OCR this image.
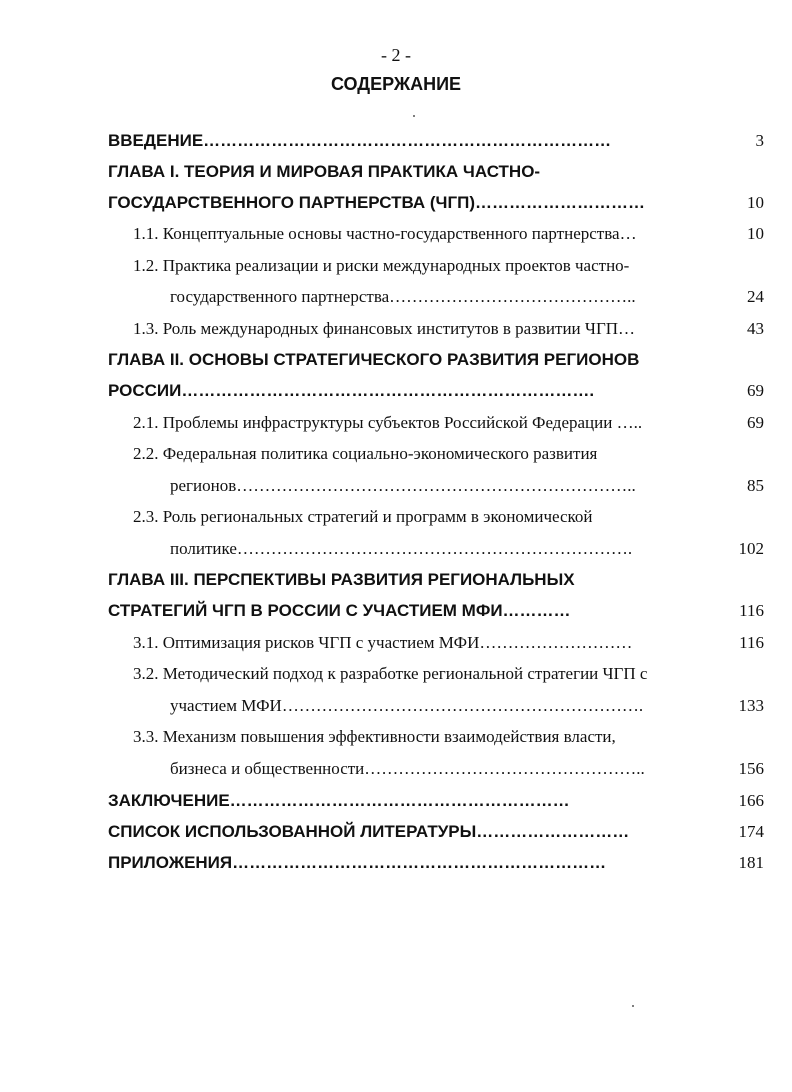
- 2 -
СОДЕРЖАНИЕ
ВВЕДЕНИЕ………………………………………………………………	3
ГЛАВА I. ТЕОРИЯ И МИРОВАЯ ПРАКТИКА ЧАСТНО-
ГОСУДАРСТВЕННОГО ПАРТНЕРСТВА (ЧГП)…………………………	10
1.1. Концептуальные основы частно-государственного партнерства…	10
1.2. Практика реализации и риски международных проектов частно-
государственного партнерства……………………………………..	24
1.3. Роль международных финансовых институтов в развитии ЧГП…	43
ГЛАВА II. ОСНОВЫ СТРАТЕГИЧЕСКОГО РАЗВИТИЯ РЕГИОНОВ
РОССИИ……………………………………………………………….	69
2.1. Проблемы инфраструктуры субъектов Российской Федерации …..	69
2.2. Федеральная политика социально-экономического развития
регионов……………………………………………………………..	85
2.3. Роль региональных стратегий и программ в экономической
политике…………………………………………………………….	102
ГЛАВА III. ПЕРСПЕКТИВЫ РАЗВИТИЯ РЕГИОНАЛЬНЫХ
СТРАТЕГИЙ ЧГП В РОССИИ С УЧАСТИЕМ МФИ…………	116
3.1. Оптимизация рисков ЧГП с участием МФИ………………………	116
3.2. Методический подход к разработке региональной стратегии ЧГП с
участием МФИ……………………………………………………….	133
3.3. Механизм повышения эффективности взаимодействия власти,
бизнеса и общественности…………………………………………..	156
ЗАКЛЮЧЕНИЕ……………………………………………………	166
СПИСОК ИСПОЛЬЗОВАННОЙ ЛИТЕРАТУРЫ………………………	174
ПРИЛОЖЕНИЯ…………………………………………………………	181
